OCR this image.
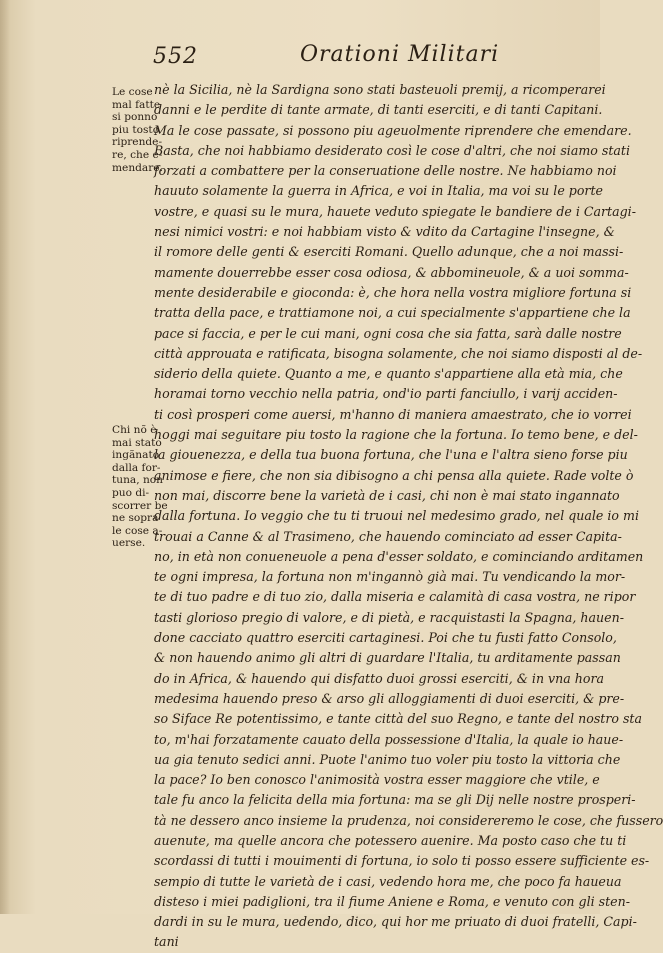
552	Orationi Militari
Le cose
mal fatte
si ponno
piu tosto
riprende-
re, che e-
mendare.
Chi nõ è
mai stato
ingãnato
dalla for-
tuna, non
puo di-
scorrer be
ne sopra
le cose a-
uerse.
nè la Sicilia, nè la Sardigna sono stati basteuoli premij, a ricomperarei
danni e le perdite di tante armate, di tanti eserciti, e di tanti Capitani.
Ma le cose passate, si possono piu ageuolmente riprendere che emendare.
Basta, che noi habbiamo desiderato così le cose d'altri, che noi siamo stati
forzati a combattere per la conseruatione delle nostre. Ne habbiamo noi
hauuto solamente la guerra in Africa, e voi in Italia, ma voi su le porte
vostre, e quasi su le mura, hauete veduto spiegate le bandiere de i Cartagi-
nesi nimici vostri: e noi habbiam visto & vdito da Cartagine l'insegne, &
il romore delle genti & eserciti Romani. Quello adunque, che a noi massi-
mamente douerrebbe esser cosa odiosa, & abbomineuole, & a uoi somma-
mente desiderabile e gioconda: è, che hora nella vostra migliore fortuna si
tratta della pace, e trattiamone noi, a cui specialmente s'appartiene che la
pace si faccia, e per le cui mani, ogni cosa che sia fatta, sarà dalle nostre
città approuata e ratificata, bisogna solamente, che noi siamo disposti al de-
siderio della quiete. Quanto a me, e quanto s'appartiene alla età mia, che
horamai torno vecchio nella patria, ond'io parti fanciullo, i varij acciden-
ti così prosperi come auersi, m'hanno di maniera amaestrato, che io vorrei
hoggi mai seguitare piu tosto la ragione che la fortuna. Io temo bene, e del-
la giouenezza, e della tua buona fortuna, che l'una e l'altra sieno forse piu
animose e fiere, che non sia dibisogno a chi pensa alla quiete. Rade volte ò
non mai, discorre bene la varietà de i casi, chi non è mai stato ingannato
dalla fortuna. Io veggio che tu ti truoui nel medesimo grado, nel quale io mi
trouai a Canne & al Trasimeno, che hauendo cominciato ad esser Capita-
no, in età non conueneuole a pena d'esser soldato, e cominciando arditamen
te ogni impresa, la fortuna non m'ingannò già mai. Tu vendicando la mor-
te di tuo padre e di tuo zio, dalla miseria e calamità di casa vostra, ne ripor
tasti glorioso pregio di valore, e di pietà, e racquistasti la Spagna, hauen-
done cacciato quattro eserciti cartaginesi. Poi che tu fusti fatto Consolo,
& non hauendo animo gli altri di guardare l'Italia, tu arditamente passan
do in Africa, & hauendo qui disfatto duoi grossi eserciti, & in vna hora
medesima hauendo preso & arso gli alloggiamenti di duoi eserciti, & pre-
so Siface Re potentissimo, e tante città del suo Regno, e tante del nostro sta
to, m'hai forzatamente cauato della possessione d'Italia, la quale io haue-
ua gia tenuto sedici anni. Puote l'animo tuo voler piu tosto la vittoria che
la pace? Io ben conosco l'animosità vostra esser maggiore che vtile, e
tale fu anco la felicita della mia fortuna: ma se gli Dij nelle nostre prosperi-
tà ne dessero anco insieme la prudenza, noi considereremo le cose, che fussero
auenute, ma quelle ancora che potessero auenire. Ma posto caso che tu ti
scordassi di tutti i mouimenti di fortuna, io solo ti posso essere sufficiente es-
sempio di tutte le varietà de i casi, vedendo hora me, che poco fa haueua
disteso i miei padiglioni, tra il fiume Aniene e Roma, e venuto con gli sten-
dardi in su le mura, uedendo, dico, qui hor me priuato di duoi fratelli, Capi-
tani
